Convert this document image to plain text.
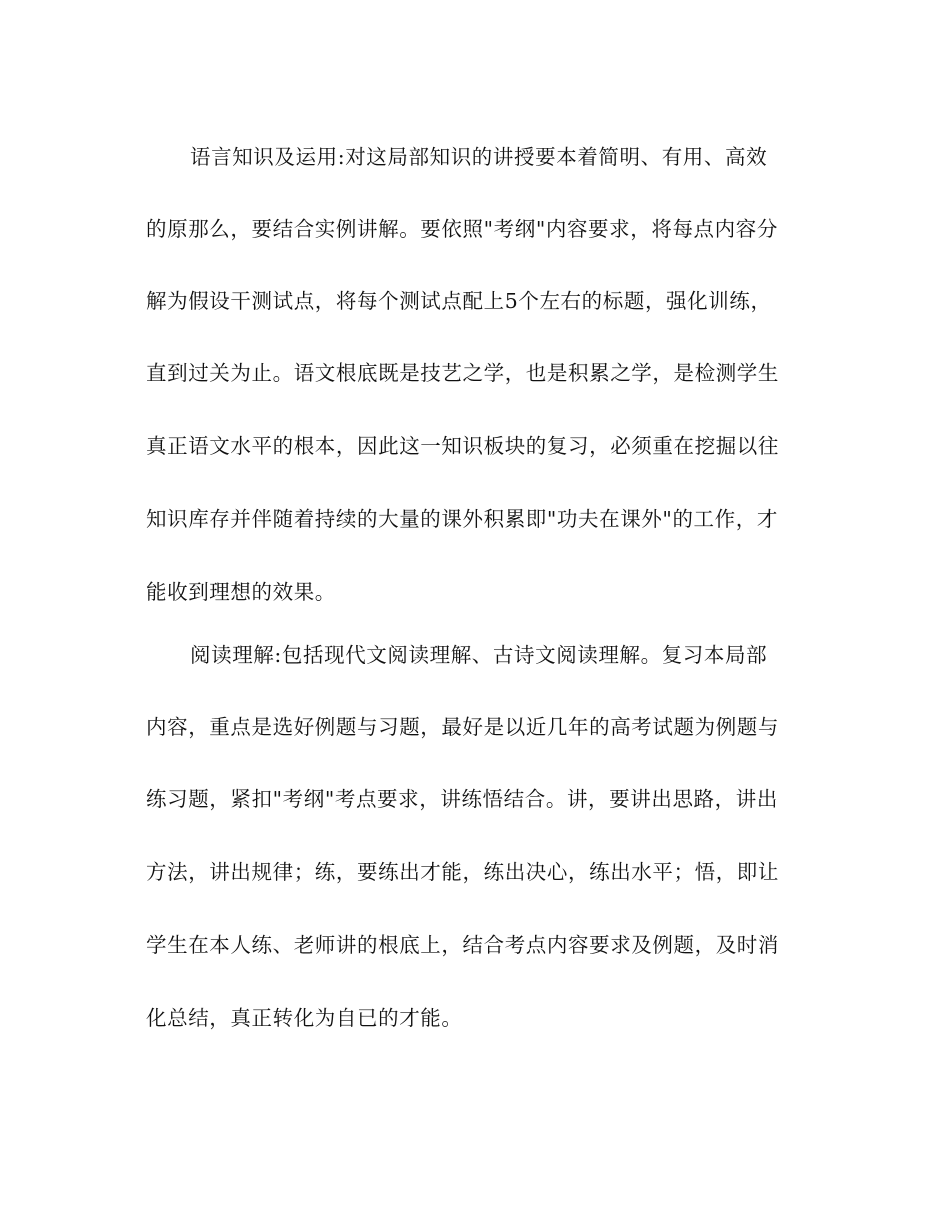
语言知识及运用:对这局部知识的讲授要本着简明、有用、高效
的原那么，要结合实例讲解。要依照"考纲"内容要求，将每点内容分
解为假设干测试点，将每个测试点配上5个左右的标题，强化训练，
直到过关为止。语文根底既是技艺之学，也是积累之学，是检测学生
真正语文水平的根本，因此这一知识板块的复习，必须重在挖掘以往
知识库存并伴随着持续的大量的课外积累即"功夫在课外"的工作，才
能收到理想的效果。
阅读理解:包括现代文阅读理解、古诗文阅读理解。复习本局部
内容，重点是选好例题与习题，最好是以近几年的高考试题为例题与
练习题，紧扣"考纲"考点要求，讲练悟结合。讲，要讲出思路，讲出
方法，讲出规律；练，要练出才能，练出决心，练出水平；悟，即让
学生在本人练、老师讲的根底上，结合考点内容要求及例题，及时消
化总结，真正转化为自已的才能。
